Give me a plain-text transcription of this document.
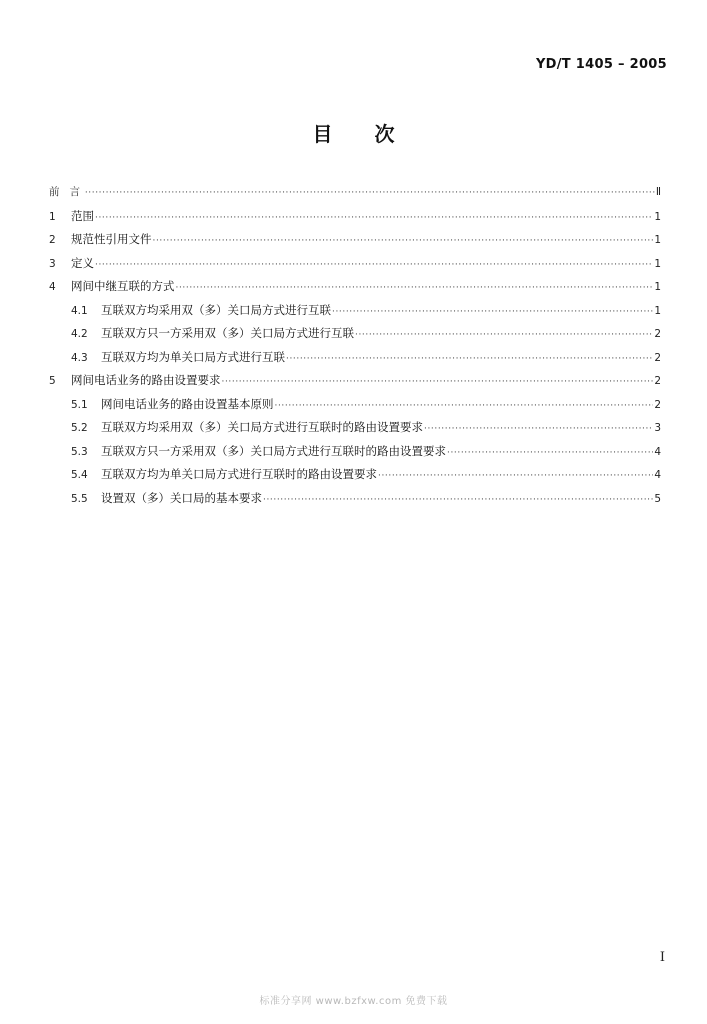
YD/T 1405 – 2005
目次
前言 ·····	Ⅱ
1	范围 ·····	1
2	规范性引用文件 ·····	1
3	定义 ·····	1
4	网间中继互联的方式 ·····	1
4.1	互联双方均采用双（多）关口局方式进行互联 ·····	1
4.2	互联双方只一方采用双（多）关口局方式进行互联 ·····	2
4.3	互联双方均为单关口局方式进行互联 ·····	2
5	网间电话业务的路由设置要求 ·····	2
5.1	网间电话业务的路由设置基本原则 ·····	2
5.2	互联双方均采用双（多）关口局方式进行互联时的路由设置要求 ·····	3
5.3	互联双方只一方采用双（多）关口局方式进行互联时的路由设置要求 ·····	4
5.4	互联双方均为单关口局方式进行互联时的路由设置要求 ·····	4
5.5	设置双（多）关口局的基本要求 ·····	5
I
标准分享网 www.bzfxw.com 免费下载
